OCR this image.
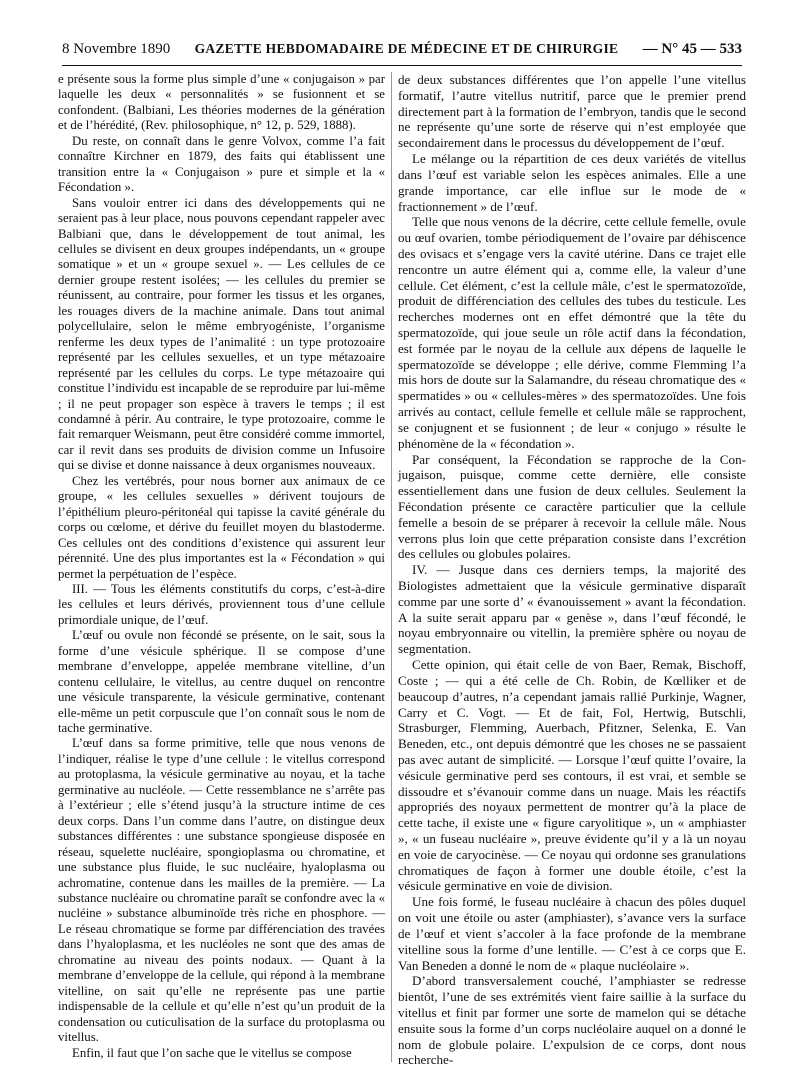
8 Novembre 1890 GAZETTE HEBDOMADAIRE DE MÉDECINE ET DE CHIRURGIE — N° 45 — 533

e présente sous la forme plus simple d’une « conjugaison » par laquelle les deux « personnalités » se fusionnent et se confondent. (Balbiani, Les théories modernes de la génération et de l’hérédité, (Rev. philosophique, n° 12, p. 529, 1888).

Du reste, on connaît dans le genre Volvox, comme l’a fait connaître Kirchner en 1879, des faits qui établissent une transition entre la « Conjugaison » pure et simple et la « Fécondation ».

Sans vouloir entrer ici dans des développements qui ne seraient pas à leur place, nous pouvons cependant rappeler avec Balbiani que, dans le développement de tout animal, les cellules se divisent en deux groupes indépendants, un « groupe somatique » et un « groupe sexuel ». — Les cellules de ce dernier groupe restent isolées; — les cellules du premier se réunissent, au contraire, pour former les tissus et les organes, les rouages divers de la machine animale. Dans tout animal polycellulaire, selon le même embryogéniste, l’organisme renferme les deux types de l’animalité : un type protozoaire représenté par les cellules sexuelles, et un type métazoaire représenté par les cellules du corps. Le type métazoaire qui constitue l’individu est incapable de se reproduire par lui-même ; il ne peut propager son espèce à travers le temps ; il est condamné à périr. Au contraire, le type protozoaire, comme le fait remarquer Weismann, peut être considéré comme immortel, car il revit dans ses produits de division comme un Infusoire qui se divise et donne naissance à deux organismes nouveaux.

Chez les vertébrés, pour nous borner aux animaux de ce groupe, « les cellules sexuelles » dérivent toujours de l’épithélium pleuro-péritonéal qui tapisse la cavité générale du corps ou cœlome, et dérive du feuillet moyen du blastoderme. Ces cellules ont des conditions d’existence qui assurent leur pérennité. Une des plus importantes est la « Fécondation » qui permet la perpétuation de l’espèce.

III. — Tous les éléments constitutifs du corps, c’est-à-dire les cellules et leurs dérivés, proviennent tous d’une cellule primordiale unique, de l’œuf.

L’œuf ou ovule non fécondé se présente, on le sait, sous la forme d’une vésicule sphérique. Il se compose d’une membrane d’enveloppe, appelée membrane vitelline, d’un contenu cellulaire, le vitellus, au centre duquel on rencontre une vésicule transparente, la vésicule germinative, contenant elle-même un petit corpuscule que l’on connaît sous le nom de tache germinative.

L’œuf dans sa forme primitive, telle que nous venons de l’indiquer, réalise le type d’une cellule : le vitellus correspond au protoplasma, la vésicule germinative au noyau, et la tache germinative au nucléole. — Cette ressemblance ne s’arrête pas à l’extérieur ; elle s’étend jusqu’à la structure intime de ces deux corps. Dans l’un comme dans l’autre, on distingue deux substances différentes : une substance spongieuse disposée en réseau, squelette nucléaire, spongioplasma ou chromatine, et une substance plus fluide, le suc nucléaire, hyaloplasma ou achromatine, contenue dans les mailles de la première. — La substance nucléaire ou chromatine paraît se confondre avec la « nucléine » substance albuminoïde très riche en phosphore. — Le réseau chromatique se forme par différenciation des travées dans l’hyaloplasma, et les nucléoles ne sont que des amas de chromatine au niveau des points nodaux. — Quant à la membrane d’enveloppe de la cellule, qui répond à la membrane vitelline, on sait qu’elle ne représente pas une partie indispensable de la cellule et qu’elle n’est qu’un produit de la condensation ou cuticulisation de la surface du protoplasma ou vitellus.

Enfin, il faut que l’on sache que le vitellus se compose

de deux substances différentes que l’on appelle l’une vitellus formatif, l’autre vitellus nutritif, parce que le premier prend directement part à la formation de l’embryon, tandis que le second ne représente qu’une sorte de réserve qui n’est employée que secondairement dans le processus du développement de l’œuf.

Le mélange ou la répartition de ces deux variétés de vitellus dans l’œuf est variable selon les espèces animales. Elle a une grande importance, car elle influe sur le mode de « fractionnement » de l’œuf.

Telle que nous venons de la décrire, cette cellule femelle, ovule ou œuf ovarien, tombe périodiquement de l’ovaire par déhiscence des ovisacs et s’engage vers la cavité utérine. Dans ce trajet elle rencontre un autre élément qui a, comme elle, la valeur d’une cellule. Cet élément, c’est la cellule mâle, c’est le spermatozoïde, produit de différenciation des cellules des tubes du testicule. Les recherches modernes ont en effet démontré que la tête du spermatozoïde, qui joue seule un rôle actif dans la fécondation, est formée par le noyau de la cellule aux dépens de laquelle le spermatozoïde se développe ; elle dérive, comme Flemming l’a mis hors de doute sur la Salamandre, du réseau chromatique des « spermatides » ou « cellules-mères » des spermatozoïdes. Une fois arrivés au contact, cellule femelle et cellule mâle se rapprochent, se conjugnent et se fusionnent ; de leur « conjugo » résulte le phénomène de la « fécondation ».

Par conséquent, la Fécondation se rapproche de la Conjugaison, puisque, comme cette dernière, elle consiste essentiellement dans une fusion de deux cellules. Seulement la Fécondation présente ce caractère particulier que la cellule femelle a besoin de se préparer à recevoir la cellule mâle. Nous verrons plus loin que cette préparation consiste dans l’excrétion des cellules ou globules polaires.

IV. — Jusque dans ces derniers temps, la majorité des Biologistes admettaient que la vésicule germinative disparaît comme par une sorte d’ « évanouissement » avant la fécondation. A la suite serait apparu par « genèse », dans l’œuf fécondé, le noyau embryonnaire ou vitellin, la première sphère ou noyau de segmentation.

Cette opinion, qui était celle de von Baer, Remak, Bischoff, Coste ; — qui a été celle de Ch. Robin, de Kœlliker et de beaucoup d’autres, n’a cependant jamais rallié Purkinje, Wagner, Carry et C. Vogt. — Et de fait, Fol, Hertwig, Butschli, Strasburger, Flemming, Auerbach, Pfitzner, Selenka, E. Van Beneden, etc., ont depuis démontré que les choses ne se passaient pas avec autant de simplicité. — Lorsque l’œuf quitte l’ovaire, la vésicule germinative perd ses contours, il est vrai, et semble se dissoudre et s’évanouir comme dans un nuage. Mais les réactifs appropriés des noyaux permettent de montrer qu’à la place de cette tache, il existe une « figure caryolitique », un « amphiaster », « un fuseau nucléaire », preuve évidente qu’il y a là un noyau en voie de caryocinèse. — Ce noyau qui ordonne ses granulations chromatiques de façon à former une double étoile, c’est la vésicule germinative en voie de division.

Une fois formé, le fuseau nucléaire à chacun des pôles duquel on voit une étoile ou aster (amphiaster), s’avance vers la surface de l’œuf et vient s’accoler à la face profonde de la membrane vitelline sous la forme d’une lentille. — C’est à ce corps que E. Van Beneden a donné le nom de « plaque nucléolaire ».

D’abord transversalement couché, l’amphiaster se redresse bientôt, l’une de ses extrémités vient faire saillie à la surface du vitellus et finit par former une sorte de mamelon qui se détache ensuite sous la forme d’un corps nucléolaire auquel on a donné le nom de globule polaire. L’expulsion de ce corps, dont nous recherche-
